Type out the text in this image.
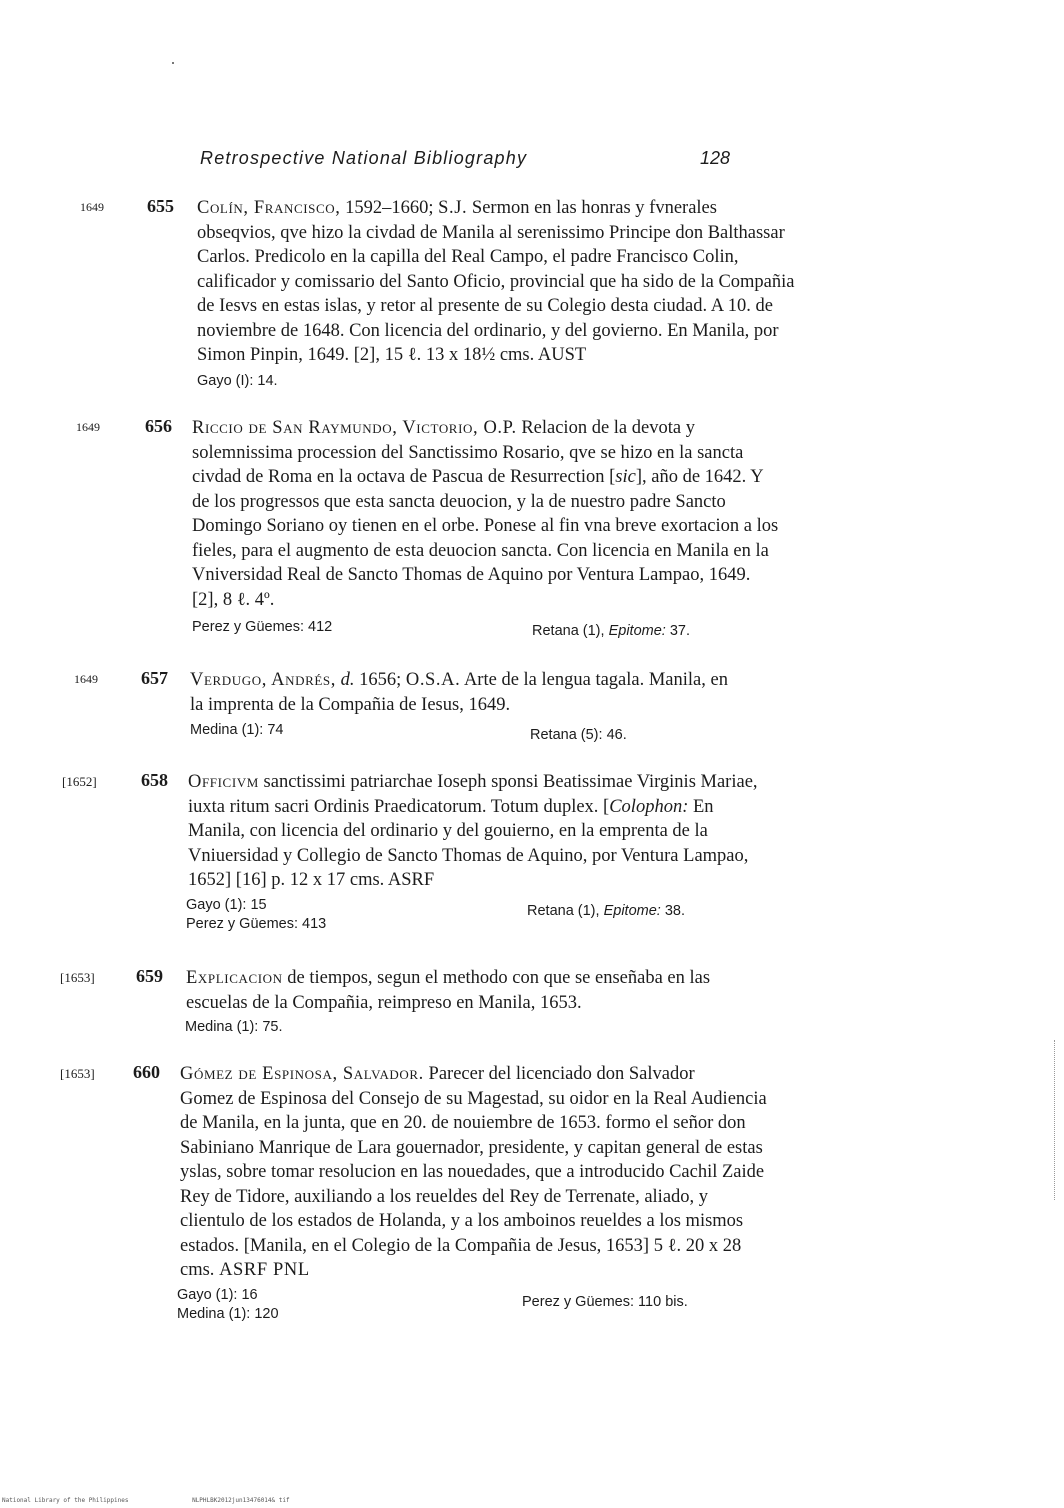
Retrospective National Bibliography	128
1649 655 Colín, Francisco, 1592–1660; S.J. Sermon en las honras y fvnerales
obseqvios, qve hizo la civdad de Manila al serenissimo Principe don Balthassar
Carlos. Predicolo en la capilla del Real Campo, el padre Francisco Colin,
calificador y comissario del Santo Oficio, provincial que ha sido de la Compañia
de Iesvs en estas islas, y retor al presente de su Colegio desta ciudad. A 10. de
noviembre de 1648. Con licencia del ordinario, y del govierno. En Manila, por
Simon Pinpin, 1649. [2], 15 ℓ. 13 x 18½ cms. AUST
Gayo (I): 14.
1649	656 Riccio de San Raymundo, Victorio, O.P. Relacion de la devota y
solemnissima procession del Sanctissimo Rosario, qve se hizo en la sancta
civdad de Roma en la octava de Pascua de Resurrection [sic], año de 1642. Y
de los progressos que esta sancta deuocion, y la de nuestro padre Sancto
Domingo Soriano oy tienen en el orbe. Ponese al fin vna breve exortacion a los
fieles, para el augmento de esta deuocion sancta. Con licencia en Manila en la
Vniversidad Real de Sancto Thomas de Aquino por Ventura Lampao, 1649.
[2], 8 ℓ. 4º.
Perez y Güemes: 412	Retana (1), Epitome: 37.
1649 657 Verdugo, Andrés, d. 1656; O.S.A. Arte de la lengua tagala. Manila, en
la imprenta de la Compañia de Iesus, 1649.
Medina (1): 74	Retana (5): 46.
[1652] 658 Officivm sanctissimi patriarchae Ioseph sponsi Beatissimae Virginis Mariae,
iuxta ritum sacri Ordinis Praedicatorum. Totum duplex. [Colophon: En
Manila, con licencia del ordinario y del gouierno, en la emprenta de la
Vniuersidad y Collegio de Sancto Thomas de Aquino, por Ventura Lampao,
1652] [16] p. 12 x 17 cms. ASRF
Gayo (1): 15
Perez y Güemes: 413
Retana (1), Epitome: 38.
[1653] 659 Explicacion de tiempos, segun el methodo con que se enseñaba en las
escuelas de la Compañia, reimpreso en Manila, 1653.
Medina (1): 75.
[1653] 660 Gómez de Espinosa, Salvador. Parecer del licenciado don Salvador
Gomez de Espinosa del Consejo de su Magestad, su oidor en la Real Audiencia
de Manila, en la junta, que en 20. de nouiembre de 1653. formo el señor don
Sabiniano Manrique de Lara gouernador, presidente, y capitan general de estas
yslas, sobre tomar resolucion en las nouedades, que a introducido Cachil Zaide
Rey de Tidore, auxiliando a los reueldes del Rey de Terrenate, aliado, y
clientulo de los estados de Holanda, y a los amboinos reueldes a los mismos
estados. [Manila, en el Colegio de la Compañia de Jesus, 1653] 5 ℓ. 20 x 28
cms. ASRF PNL
Gayo (1): 16
Medina (1): 120
Perez y Güemes: 110 bis.
National Library of the Philippines	NLPHLBK2012jun13476014& tif
